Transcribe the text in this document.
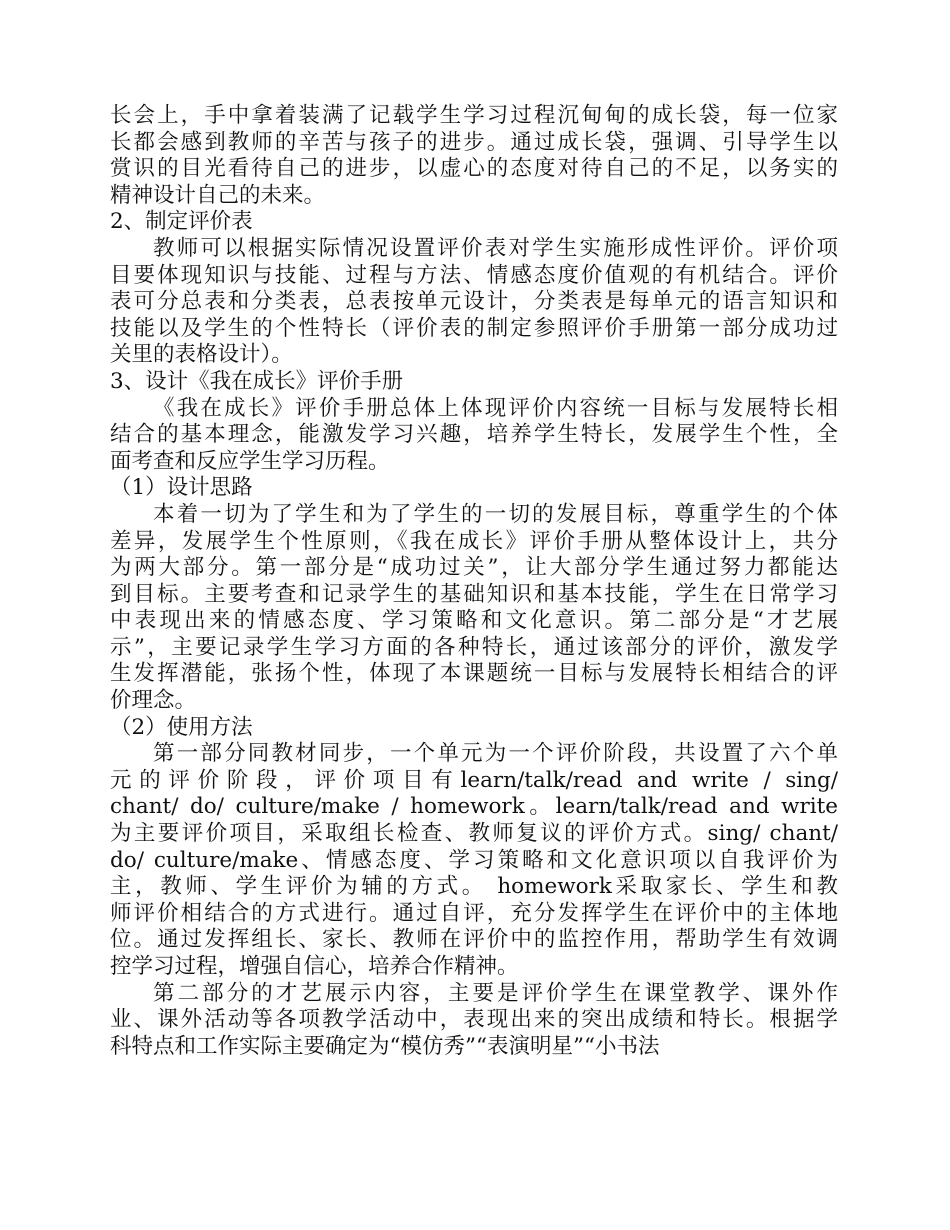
长会上，手中拿着装满了记载学生学习过程沉甸甸的成长袋，每一位家
长都会感到教师的辛苦与孩子的进步。通过成长袋，强调、引导学生以
赏识的目光看待自己的进步，以虚心的态度对待自己的不足，以务实的
精神设计自己的未来。
2、制定评价表
教师可以根据实际情况设置评价表对学生实施形成性评价。评价项
目要体现知识与技能、过程与方法、情感态度价值观的有机结合。评价
表可分总表和分类表，总表按单元设计，分类表是每单元的语言知识和
技能以及学生的个性特长（评价表的制定参照评价手册第一部分成功过
关里的表格设计）。
3、设计《我在成长》评价手册
《我在成长》评价手册总体上体现评价内容统一目标与发展特长相
结合的基本理念，能激发学习兴趣，培养学生特长，发展学生个性，全
面考查和反应学生学习历程。
（1）设计思路
本着一切为了学生和为了学生的一切的发展目标，尊重学生的个体
差异，发展学生个性原则，《我在成长》评价手册从整体设计上，共分
为两大部分。第一部分是“成功过关”，让大部分学生通过努力都能达
到目标。主要考查和记录学生的基础知识和基本技能，学生在日常学习
中表现出来的情感态度、学习策略和文化意识。第二部分是“才艺展
示”，主要记录学生学习方面的各种特长，通过该部分的评价，激发学
生发挥潜能，张扬个性，体现了本课题统一目标与发展特长相结合的评
价理念。
（2）使用方法
第一部分同教材同步，一个单元为一个评价阶段，共设置了六个单
元的评价阶段，评价项目有learn/talk/read and write / sing/
chant/ do/ culture/make / homework。learn/talk/read and write
为主要评价项目，采取组长检查、教师复议的评价方式。sing/ chant/
do/ culture/make、情感态度、学习策略和文化意识项以自我评价为
主，教师、学生评价为辅的方式。 homework采取家长、学生和教
师评价相结合的方式进行。通过自评，充分发挥学生在评价中的主体地
位。通过发挥组长、家长、教师在评价中的监控作用，帮助学生有效调
控学习过程，增强自信心，培养合作精神。
第二部分的才艺展示内容，主要是评价学生在课堂教学、课外作
业、课外活动等各项教学活动中，表现出来的突出成绩和特长。根据学
科特点和工作实际主要确定为“模仿秀”“表演明星”“小书法
